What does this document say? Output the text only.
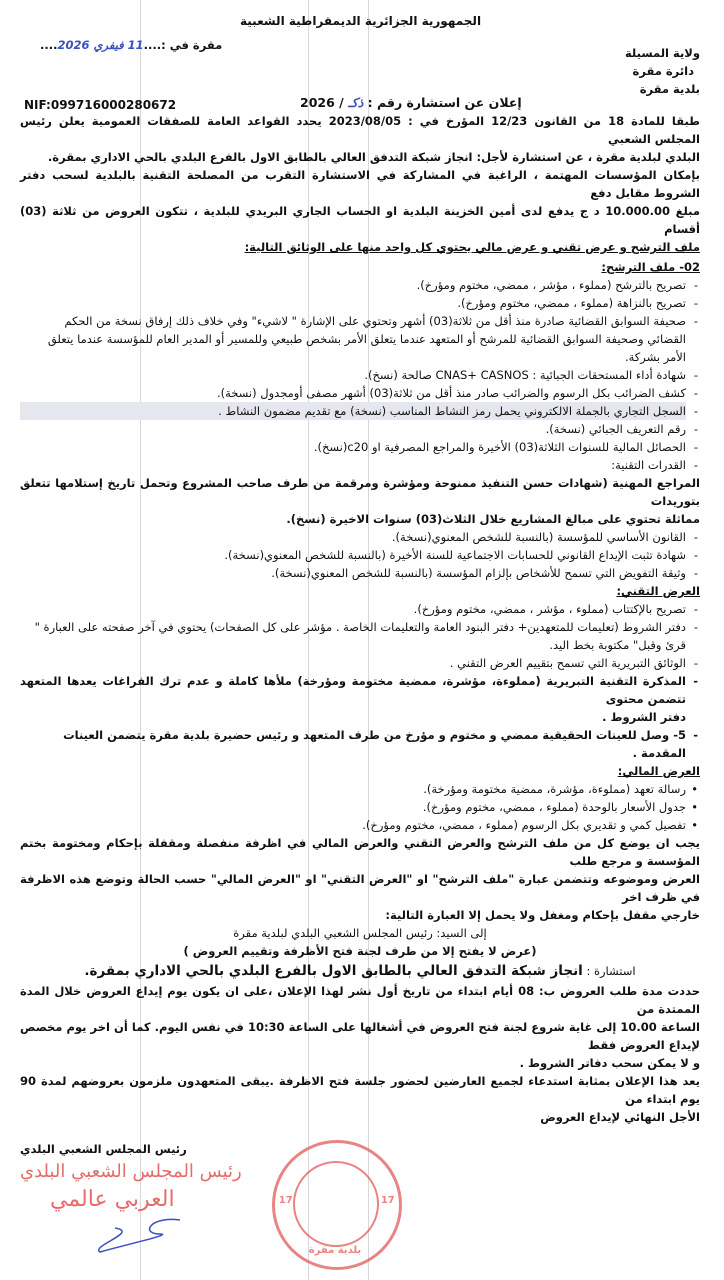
الجمهورية الجزائرية الديمقراطية الشعبية
مقرة في :....11 فيفري 2026....
ولاية المسيلة
دائرة مقرة
بلدية مقرة
إعلان عن استشارة رقم : ذكـ / 2026
NIF:099716000280672
طبقا للمادة 18 من القانون 12/23 المؤرخ في : 2023/08/05 يحدد القواعد العامة للصفقات العمومية يعلن رئيس المجلس الشعبي
البلدي لبلدية مقرة ، عن استشارة لأجل: انجاز شبكة التدفق العالي بالطابق الاول بالفرع البلدي بالحي الاداري بمقرة.
بإمكان المؤسسات المهتمة ، الراغبة في المشاركة في الاستشارة التقرب من المصلحة التقنية بالبلدية لسحب دفتر الشروط مقابل دفع
مبلغ 10.000.00 د ج يدفع لدى أمين الخزينة البلدية او الحساب الجاري البريدي للبلدية ، تتكون العروض من ثلاثة (03) أقسام
ملف الترشح و عرض تقني و عرض مالي يحتوي كل واحد منها على الوثائق التالية:
02- ملف الترشح:
- تصريح بالترشح (مملوء ، مؤشر ، ممضي، مختوم ومؤرخ).
- تصريح بالنزاهة (مملوء ، ممضي، مختوم ومؤرخ).
- صحيفة السوابق القضائية صادرة منذ أقل من ثلاثة(03) أشهر وتحتوي على الإشارة " لاشيء" وفي خلاف ذلك إرفاق نسخة من الحكم
القضائي وصحيفة السوابق القضائية للمرشح أو المتعهد عندما يتعلق الأمر بشخص طبيعي وللمسير أو المدير العام للمؤسسة عندما يتعلق
الأمر بشركة.
- شهادة أداء المستحقات الجبائية : CNAS+ CASNOS صالحة (نسخ).
- كشف الضرائب بكل الرسوم والضرائب صادر منذ أقل من ثلاثة(03) أشهر مصفى أومجدول (نسخة).
- السجل التجاري بالجملة الالكتروني يحمل رمز النشاط المناسب (نسخة) مع تقديم مضمون النشاط .
- رقم التعريف الجبائي (نسخة).
- الحصائل المالية للسنوات الثلاثة(03) الأخيرة والمراجع المصرفية او c20(نسخ).
- القدرات التقنية:
المراجع المهنية (شهادات حسن التنفيذ ممنوحة ومؤشرة ومرقمة من طرف صاحب المشروع وتحمل تاريخ إستلامها تتعلق بتوريدات
مماثلة تحتوي على مبالغ المشاريع خلال الثلاث(03) سنوات الاخيرة (نسخ).
- القانون الأساسي للمؤسسة (بالنسبة للشخص المعنوي(نسخة).
- شهادة تثبت الإيداع القانوني للحسابات الاجتماعية للسنة الأخيرة (بالنسبة للشخص المعنوي(نسخة).
- وثيقة التفويض التي تسمح للأشخاص بإلزام المؤسسة (بالنسبة للشخص المعنوي(نسخة).
العرض التقني:
- تصريح بالإكتتاب (مملوء ، مؤشر ، ممضي، مختوم ومؤرخ).
- دفتر الشروط (تعليمات للمتعهدين+ دفتر البنود العامة والتعليمات الخاصة . مؤشر على كل الصفحات) يحتوي في آخر صفحته على العبارة "
قرئ وقبل" مكتوبة بخط اليد.
- الوثائق التبريرية التي تسمح بتقييم العرض التقني .
- المذكرة التقنية التبريرية (مملوءة، مؤشرة، ممضية مختومة ومؤرخة) ملأها كاملة و عدم ترك الفراغات يعدها المتعهد تتضمن محتوى
دفتر الشروط .
- 5- وصل للعينات الحقيقية ممضي و مختوم و مؤرخ من طرف المتعهد و رئيس حضيرة بلدية مقرة يتضمن العينات المقدمة .
العرض المالي:
• رسالة تعهد (مملوءة، مؤشرة، ممضية مختومة ومؤرخة).
• جدول الأسعار بالوحدة (مملوء ، ممضي، مختوم ومؤرخ).
• تفصيل كمي و تقديري بكل الرسوم (مملوء ، ممضي، مختوم ومؤرخ).
يجب ان يوضع كل من ملف الترشح والعرض التقني والعرض المالي في اظرفة منفصلة ومقفلة بإحكام ومختومة بختم المؤسسة و مرجع طلب
العرض وموضوعه وتتضمن عبارة "ملف الترشح" او "العرض التقني" او "العرض المالي" حسب الحالة وتوضع هذه الاظرفة في ظرف اخر
خارجي مقفل بإحكام ومغفل ولا يحمل إلا العبارة التالية:
إلى السيد: رئيس المجلس الشعبي البلدي لبلدية مقرة
(عرض لا يفتح إلا من طرف لجنة فتح الأظرفة وتقييم العروض )
استشارة : انجاز شبكة التدفق العالي بالطابق الاول بالفرع البلدي بالحي الاداري بمقرة.
حددت مدة طلب العروض ب: 08 أيام ابتداء من تاريخ أول نشر لهذا الإعلان ،على ان يكون يوم إيداع العروض خلال المدة الممتدة من
الساعة 10.00 إلى غاية شروع لجنة فتح العروض في أشغالها على الساعة 10:30 في نفس اليوم. كما أن اخر يوم مخصص لإيداع العروض فقط
و لا يمكن سحب دفاتر الشروط .
يعد هذا الإعلان بمثابة استدعاء لجميع العارضين لحضور جلسة فتح الاظرفة .يبقى المتعهدون ملزمون بعروضهم لمدة 90 يوم ابتداء من
الأجل النهائي لإيداع العروض
رئيس المجلس الشعبي البلدي
رئيس المجلس الشعبي البلدي
العربي عالمي	17	17
بلدية مقرة
